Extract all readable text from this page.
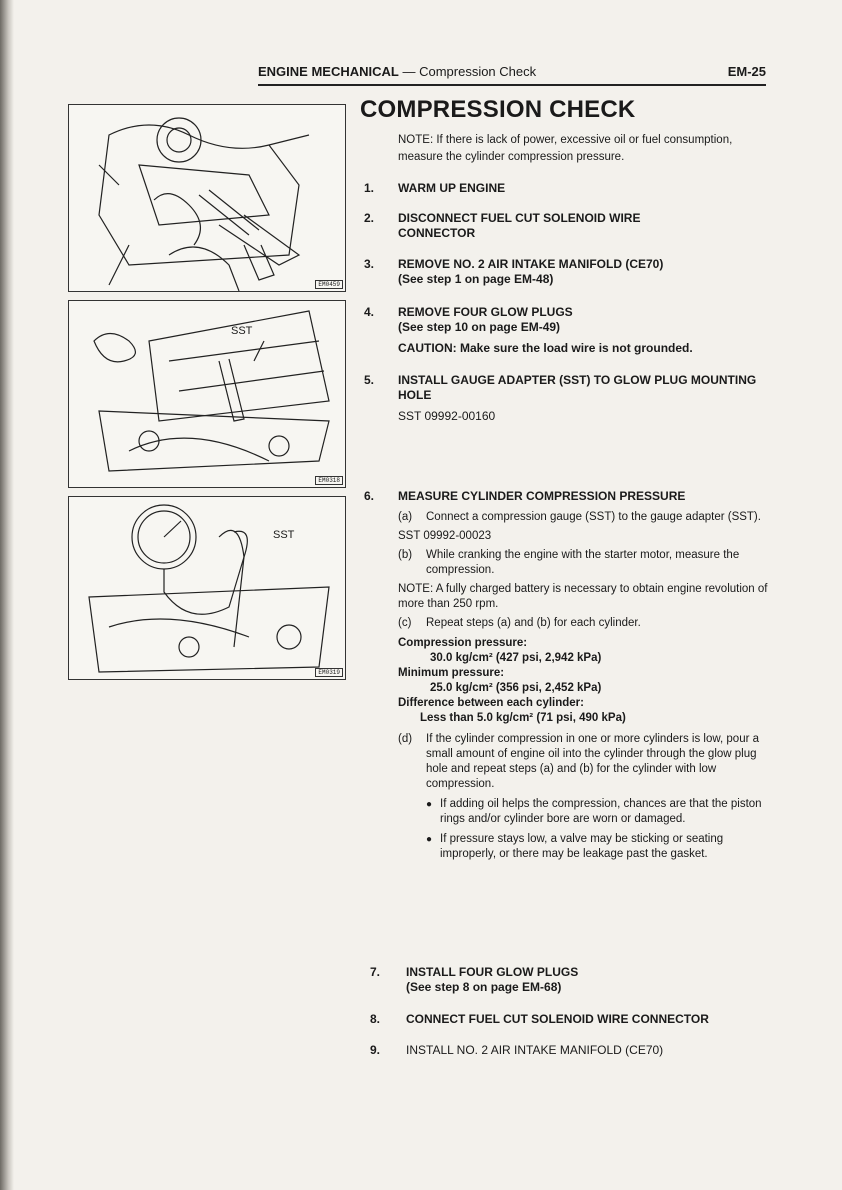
ENGINE MECHANICAL — Compression Check	EM-25
EM0459
SST
EM0318
SST
EM0319
COMPRESSION CHECK
NOTE: If there is lack of power, excessive oil or fuel consumption, measure the cylinder compression pressure.
1. WARM UP ENGINE
2. DISCONNECT FUEL CUT SOLENOID WIRE CONNECTOR
3. REMOVE NO. 2 AIR INTAKE MANIFOLD (CE70)
(See step 1 on page EM-48)
4. REMOVE FOUR GLOW PLUGS
(See step 10 on page EM-49)
CAUTION: Make sure the load wire is not grounded.
5. INSTALL GAUGE ADAPTER (SST) TO GLOW PLUG MOUNTING HOLE
SST 09992-00160
6. MEASURE CYLINDER COMPRESSION PRESSURE
(a) Connect a compression gauge (SST) to the gauge adapter (SST).
SST 09992-00023
(b) While cranking the engine with the starter motor, measure the compression.
NOTE: A fully charged battery is necessary to obtain engine revolution of more than 250 rpm.
(c) Repeat steps (a) and (b) for each cylinder.
Compression pressure:
30.0 kg/cm² (427 psi, 2,942 kPa)
Minimum pressure:
25.0 kg/cm² (356 psi, 2,452 kPa)
Difference between each cylinder:
Less than 5.0 kg/cm² (71 psi, 490 kPa)
(d) If the cylinder compression in one or more cylinders is low, pour a small amount of engine oil into the cylinder through the glow plug hole and repeat steps (a) and (b) for the cylinder with low compression.
● If adding oil helps the compression, chances are that the piston rings and/or cylinder bore are worn or damaged.
● If pressure stays low, a valve may be sticking or seating improperly, or there may be leakage past the gasket.
7. INSTALL FOUR GLOW PLUGS
(See step 8 on page EM-68)
8. CONNECT FUEL CUT SOLENOID WIRE CONNECTOR
9. INSTALL NO. 2 AIR INTAKE MANIFOLD (CE70)
